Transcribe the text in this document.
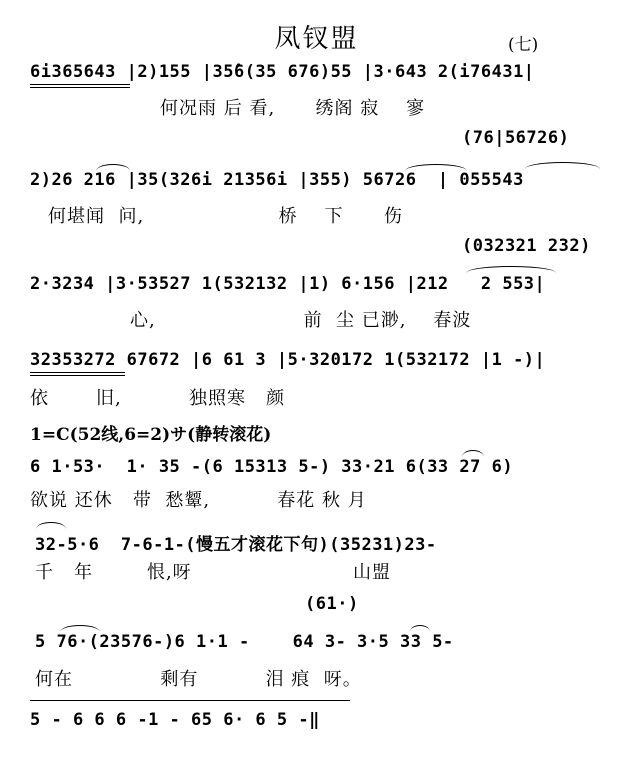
凤钗盟	(七)
6i365643 |2)155 |35̂6(35 676)55 |3·643 2(i76431|
何况雨 后 看,      绣阁 寂    寥
(76|56726)
2)26 216 |35(326i 21356i |355) 56726  | 055543
何堪闻  问,                    桥    下      伤
(032321 232)
2·3234 |3·53527 1(532132 |1) 6·156 |212   2 553|
心,                      前  尘 已渺,    春波
32353272 67672 |6 61 3 |5·320172 1(532172 |1 -)|
依       旧,          独照寒   颜
1=C(52线,6=2)サ(静转滚花)
6 1·53·  1· 35 -(6 15313 5-) 33·21 6(33 27 6)
欲说 还休   带  愁颦,          春花 秋 月
32-5·6  7-6-1-(慢五才滚花下句)(35231)23-
千   年        恨,呀                        山盟
(61·)
5 76·(23576-)6 1·1 -    64 3- 3·5 33 5-
何在             剩有          泪 痕  呀。
5 - 6 6 6 -1 - 65 6· 6 5 -‖
